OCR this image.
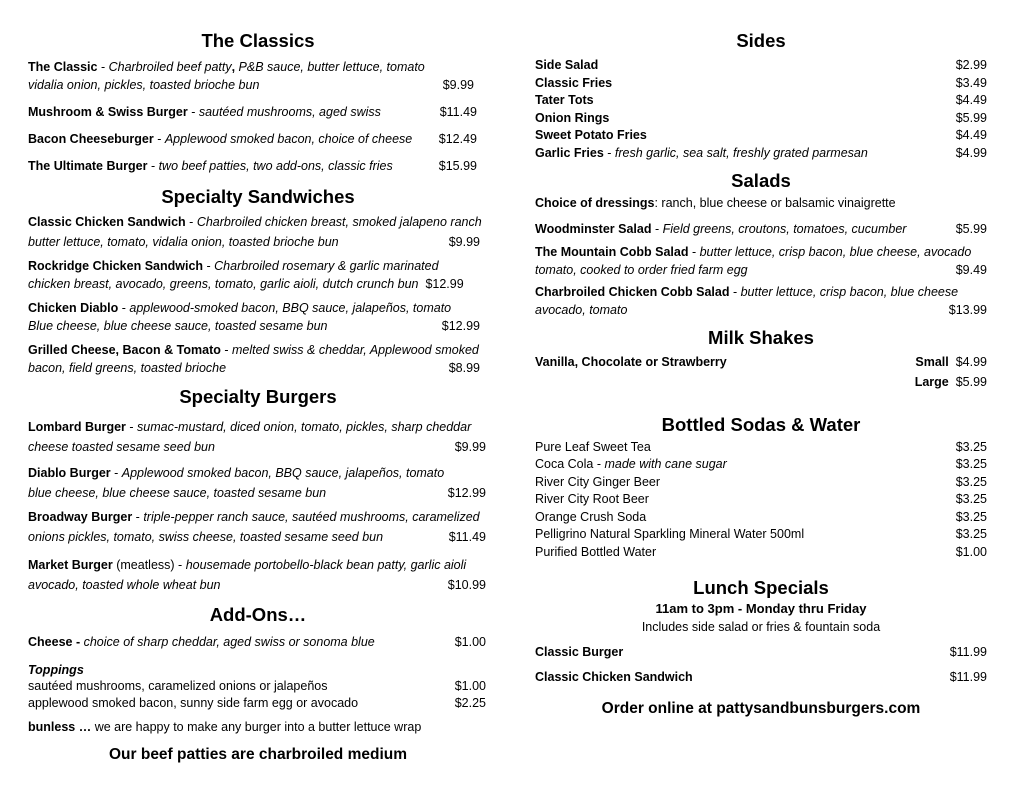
The Classics
The Classic - Charbroiled beef patty, P&B sauce, butter lettuce, tomato
vidalia onion, pickles, toasted brioche bun	$9.99
Mushroom & Swiss Burger - sautéed mushrooms, aged swiss	$11.49
Bacon Cheeseburger - Applewood smoked bacon, choice of cheese $12.49
The Ultimate Burger - two beef patties, two add-ons, classic fries	$15.99
Specialty Sandwiches
Classic Chicken Sandwich - Charbroiled chicken breast, smoked jalapeno ranch
butter lettuce, tomato, vidalia onion, toasted brioche bun	$9.99
Rockridge Chicken Sandwich - Charbroiled rosemary & garlic marinated
chicken breast, avocado, greens, tomato, garlic aioli, dutch crunch bun $12.99
Chicken Diablo - applewood-smoked bacon, BBQ sauce, jalapeños, tomato
Blue cheese, blue cheese sauce, toasted sesame bun	$12.99
Grilled Cheese, Bacon & Tomato - melted swiss & cheddar, Applewood smoked
bacon, field greens, toasted brioche	$8.99
Specialty Burgers
Lombard Burger - sumac-mustard, diced onion, tomato, pickles, sharp cheddar
cheese toasted sesame seed bun	$9.99
Diablo Burger - Applewood smoked bacon, BBQ sauce, jalapeños, tomato
blue cheese, blue cheese sauce, toasted sesame bun	$12.99
Broadway Burger - triple-pepper ranch sauce, sautéed mushrooms, caramelized
onions pickles, tomato, swiss cheese, toasted sesame seed bun	$11.49
Market Burger (meatless) - housemade portobello-black bean patty, garlic aioli
avocado, toasted whole wheat bun	$10.99
Add-Ons…
Cheese - choice of sharp cheddar, aged swiss or sonoma blue	$1.00
Toppings
sautéed mushrooms, caramelized onions or jalapeños	$1.00
applewood smoked bacon, sunny side farm egg or avocado	$2.25
bunless … we are happy to make any burger into a butter lettuce wrap
Our beef patties are charbroiled medium
Sides
Side Salad	$2.99
Classic Fries	$3.49
Tater Tots	$4.49
Onion Rings	$5.99
Sweet Potato Fries	$4.49
Garlic Fries - fresh garlic, sea salt, freshly grated parmesan	$4.99
Salads
Choice of dressings: ranch, blue cheese or balsamic vinaigrette
Woodminster Salad - Field greens, croutons, tomatoes, cucumber	$5.99
The Mountain Cobb Salad - butter lettuce, crisp bacon, blue cheese, avocado
tomato, cooked to order fried farm egg	$9.49
Charbroiled Chicken Cobb Salad - butter lettuce, crisp bacon, blue cheese
avocado, tomato	$13.99
Milk Shakes
Vanilla, Chocolate or Strawberry	Small $4.99
Large $5.99
Bottled Sodas & Water
Pure Leaf Sweet Tea	$3.25
Coca Cola - made with cane sugar	$3.25
River City Ginger Beer	$3.25
River City Root Beer	$3.25
Orange Crush Soda	$3.25
Pelligrino Natural Sparkling Mineral Water 500ml	$3.25
Purified Bottled Water	$1.00
Lunch Specials
11am to 3pm - Monday thru Friday
Includes side salad or fries & fountain soda
Classic Burger	$11.99
Classic Chicken Sandwich	$11.99
Order online at pattysandbunsburgers.com
